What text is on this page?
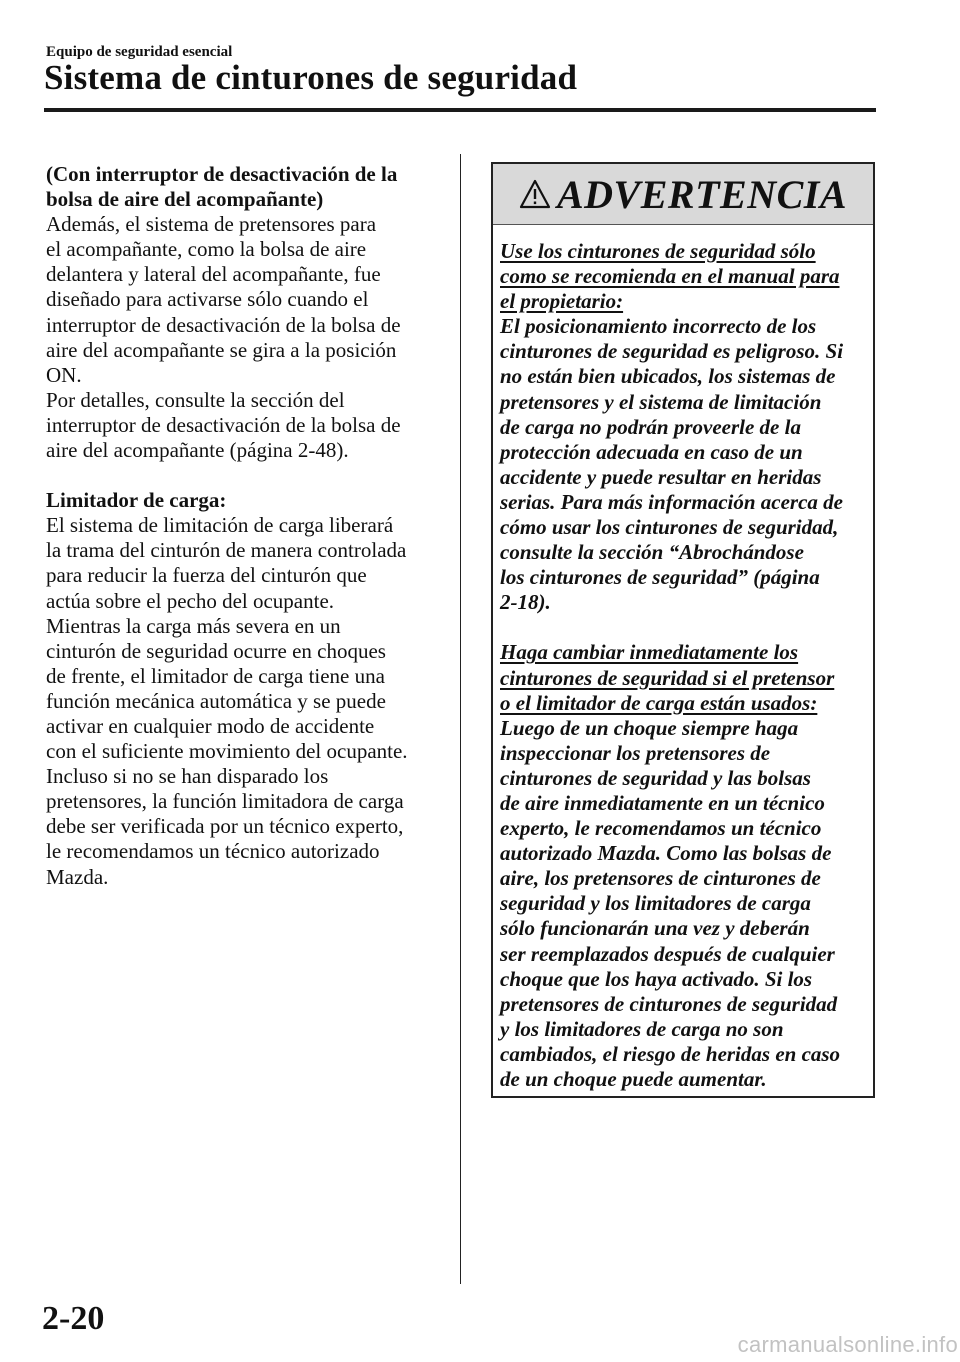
Equipo de seguridad esencial
Sistema de cinturones de seguridad
(Con interruptor de desactivación de la
bolsa de aire del acompañante)
Además, el sistema de pretensores para
el acompañante, como la bolsa de aire
delantera y lateral del acompañante, fue
diseñado para activarse sólo cuando el
interruptor de desactivación de la bolsa de
aire del acompañante se gira a la posición
ON.
Por detalles, consulte la sección del
interruptor de desactivación de la bolsa de
aire del acompañante (página 2-48).
Limitador de carga:
El sistema de limitación de carga liberará
la trama del cinturón de manera controlada
para reducir la fuerza del cinturón que
actúa sobre el pecho del ocupante.
Mientras la carga más severa en un
cinturón de seguridad ocurre en choques
de frente, el limitador de carga tiene una
función mecánica automática y se puede
activar en cualquier modo de accidente
con el suficiente movimiento del ocupante.
Incluso si no se han disparado los
pretensores, la función limitadora de carga
debe ser verificada por un técnico experto,
le recomendamos un técnico autorizado
Mazda.
ADVERTENCIA
Use los cinturones de seguridad sólo
como se recomienda en el manual para
el propietario:
El posicionamiento incorrecto de los
cinturones de seguridad es peligroso. Si
no están bien ubicados, los sistemas de
pretensores y el sistema de limitación
de carga no podrán proveerle de la
protección adecuada en caso de un
accidente y puede resultar en heridas
serias. Para más información acerca de
cómo usar los cinturones de seguridad,
consulte la sección “Abrochándose
los cinturones de seguridad” (página
2-18).
Haga cambiar inmediatamente los
cinturones de seguridad si el pretensor
o el limitador de carga están usados:
Luego de un choque siempre haga
inspeccionar los pretensores de
cinturones de seguridad y las bolsas
de aire inmediatamente en un técnico
experto, le recomendamos un técnico
autorizado Mazda. Como las bolsas de
aire, los pretensores de cinturones de
seguridad y los limitadores de carga
sólo funcionarán una vez y deberán
ser reemplazados después de cualquier
choque que los haya activado. Si los
pretensores de cinturones de seguridad
y los limitadores de carga no son
cambiados, el riesgo de heridas en caso
de un choque puede aumentar.
2-20
carmanualsonline.info
